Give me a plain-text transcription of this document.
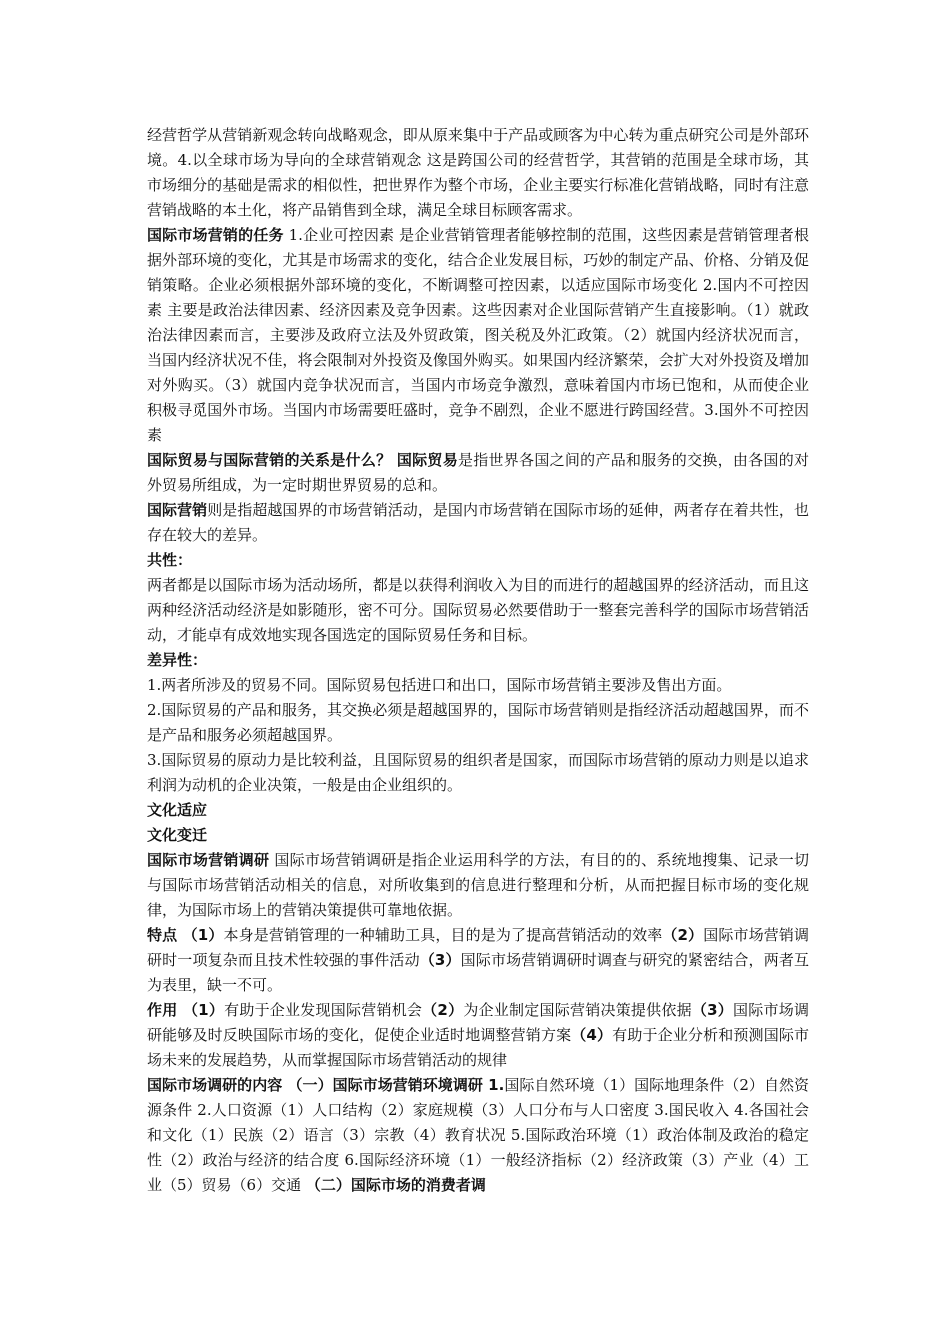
经营哲学从营销新观念转向战略观念，即从原来集中于产品或顾客为中心转为重点研究公司是外部环境。4.以全球市场为导向的全球营销观念 这是跨国公司的经营哲学，其营销的范围是全球市场，其市场细分的基础是需求的相似性，把世界作为整个市场，企业主要实行标准化营销战略，同时有注意营销战略的本土化，将产品销售到全球，满足全球目标顾客需求。

国际市场营销的任务 1.企业可控因素 是企业营销管理者能够控制的范围，这些因素是营销管理者根据外部环境的变化，尤其是市场需求的变化，结合企业发展目标，巧妙的制定产品、价格、分销及促销策略。企业必须根据外部环境的变化，不断调整可控因素，以适应国际市场变化 2.国内不可控因素 主要是政治法律因素、经济因素及竞争因素。这些因素对企业国际营销产生直接影响。（1）就政治法律因素而言，主要涉及政府立法及外贸政策，图关税及外汇政策。（2）就国内经济状况而言，当国内经济状况不佳，将会限制对外投资及像国外购买。如果国内经济繁荣，会扩大对外投资及增加对外购买。（3）就国内竞争状况而言，当国内市场竞争激烈，意味着国内市场已饱和，从而使企业积极寻觅国外市场。当国内市场需要旺盛时，竞争不剧烈，企业不愿进行跨国经营。3.国外不可控因素

国际贸易与国际营销的关系是什么？ 国际贸易是指世界各国之间的产品和服务的交换，由各国的对外贸易所组成，为一定时期世界贸易的总和。

国际营销则是指超越国界的市场营销活动，是国内市场营销在国际市场的延伸，两者存在着共性，也存在较大的差异。

共性：

两者都是以国际市场为活动场所，都是以获得利润收入为目的而进行的超越国界的经济活动，而且这两种经济活动经济是如影随形，密不可分。国际贸易必然要借助于一整套完善科学的国际市场营销活动，才能卓有成效地实现各国选定的国际贸易任务和目标。

差异性：

1.两者所涉及的贸易不同。国际贸易包括进口和出口，国际市场营销主要涉及售出方面。

2.国际贸易的产品和服务，其交换必须是超越国界的，国际市场营销则是指经济活动超越国界，而不是产品和服务必须超越国界。

3.国际贸易的原动力是比较利益，且国际贸易的组织者是国家，而国际市场营销的原动力则是以追求利润为动机的企业决策，一般是由企业组织的。

文化适应

文化变迁

国际市场营销调研 国际市场营销调研是指企业运用科学的方法，有目的的、系统地搜集、记录一切与国际市场营销活动相关的信息，对所收集到的信息进行整理和分析，从而把握目标市场的变化规律，为国际市场上的营销决策提供可靠地依据。

特点 （1）本身是营销管理的一种辅助工具，目的是为了提高营销活动的效率（2）国际市场营销调研时一项复杂而且技术性较强的事件活动（3）国际市场营销调研时调查与研究的紧密结合，两者互为表里，缺一不可。

作用 （1）有助于企业发现国际营销机会（2）为企业制定国际营销决策提供依据（3）国际市场调研能够及时反映国际市场的变化，促使企业适时地调整营销方案（4）有助于企业分析和预测国际市场未来的发展趋势，从而掌握国际市场营销活动的规律

国际市场调研的内容 （一）国际市场营销环境调研 1.国际自然环境（1）国际地理条件（2）自然资源条件 2.人口资源（1）人口结构（2）家庭规模（3）人口分布与人口密度 3.国民收入 4.各国社会和文化（1）民族（2）语言（3）宗教（4）教育状况 5.国际政治环境（1）政治体制及政治的稳定性（2）政治与经济的结合度 6.国际经济环境（1）一般经济指标（2）经济政策（3）产业（4）工业（5）贸易（6）交通 （二）国际市场的消费者调
